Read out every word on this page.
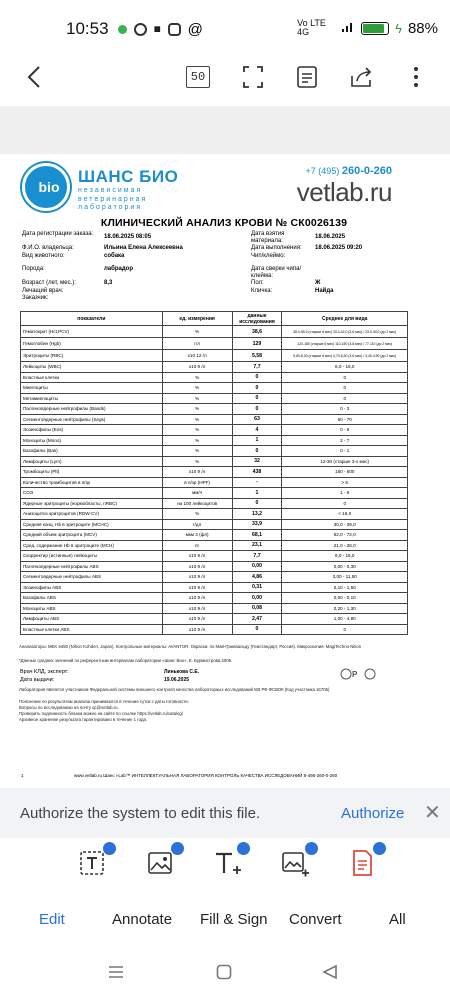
10:53	▦ @	Vo LTE 4G	ϟ 88%
50
bio
ШАНС БИО
независимая
ветеринарная
лаборатория
+7 (495) 260-0-260
vetlab.ru
КЛИНИЧЕСКИЙ АНАЛИЗ КРОВИ № СК0026139
Дата регистрации заказа:	18.06.2025 08:05
Ф.И.О. владельца:	Ильина Елена Алексеевна
Вид животного:	собака
Порода:	лабрадор
Возраст (лет, мес.):	8,3
Лечащий врач:
Заказчик:
Дата взятия материала:
18.06.2025
Дата выполнения:	18.06.2025 09:20
Чип/клеймо:
Дата сверки чипа/клейма:
Пол:	Ж
Кличка:	Найда
показатели	ед. измерения	данные исследования	Среднее для вида
Гематокрит (Hct,PCV)	%	38,6	38,0-55,0 (старше 6 мес) 33,0-42,0 (3-6 мес) / 23,0-34,0 (до 2 мес)
Гемоглобин (Hgb)	г/л	129	120-180 (старше 6 мес) 110-150 (3-6 мес) / 77-110 (до 2 мес)
Эритроциты (RBC)	x10 12 /л	5,58	5,60-8,00 (старше 6 мес) 4,70-6,30 (3-6 мес) / 3,40-4,90 (до 2 мес)
Лейкоциты (WBC)	x10 9 /л	7,7	6,0 - 16,0
Бластные клетки	%	0	0
Миелоциты	%	0	0
Метамиелоциты	%	0	0
Палочкоядерные нейтрофилы (Bands)	%	0	0 - 3
Сегментоядерные нейтрофилы (Segs)	%	63	60 - 70
Эозинофилы (Eos)	%	4	0 - 5
Моноциты (Mono)	%	1	2 - 7
Базофилы (Bas)	%	0	0 - 1
Лимфоциты (Lym)	%	32	12-30 (старше 3-х мес)
Тромбоциты (Plt)	x10 9 /л	438	160 - 500
Количество тромбоцитов в п/зр	в п/зр (HPF)	-	> 5
СОЭ	мм/ч	1	1 - 6
Ядерные эритроциты (нормобласты, nRBC)	на 100 лейкоцитов	0	0
Анизоцитоз эритроцитов (RDW-CV)	%	13,2	< 16,0
Средняя конц. Hb в эритроците (MCHC)	г/дл	33,9	30,0 - 39,0
Средний объем эритроцита (MCV)	мкм 3 (фл)	68,1	62,0 - 72,0
Сред. содержание Hb в эритроците (MCH)	пг	23,1	21,0 - 26,0
Скорректир (истинные) лейкоциты	x10 9 /л	7,7	6,0 - 16,0
Палочкоядерные нейтрофилы ABS	x10 9 /л	0,00	0,00 - 0,30
Сегментоядерные нейтрофилы ABS	x10 9 /л	4,86	3,00 - 11,50
Эозинофилы ABS	x10 9 /л	0,31	0,10 - 1,50
Базофилы ABS	x10 9 /л	0,00	0,00 - 0,10
Моноциты ABS	x10 9 /л	0,08	0,20 - 1,30
Лимфоциты ABS	x10 9 /л	2,47	1,00 - 4,80
Бластные клетки ABS	x10 9 /л	0	0
Анализаторы: MEK 6450 (Nihon Kohden, Japan). Контрольные материалы: AVANTOR. Окраска: по Май-Грюнвальду (Гемстандарт, Россия). Микроскопия: MagiTechno Nikon
*Данные средних значений по референтным интервалам лаборатории «Шанс Био», Е. Бурмистрова,2009.
Врач КЛД, эксперт:	Линькова С.Е.
Дата выдачи:	19.06.2025
P
Лаборатория является участником Федеральной системы внешнего контроля качества лабораторных исследований МЗ РФ ФСВОК (Код участника 16705)
Пояснение по результатам анализа принимаются в течение суток с даты готовности.
Вопросы по исследованию на почту qc@vetlab.ru.
Проверить подлинность бланка можно на сайте по ссылке https://vetlab.ru/catalog/
Архивное хранение результата гарантировано в течение 1 года.
1	www.vetlab.ru Шанс i-Lab™ ИНТЕЛЛЕКТУАЛЬНАЯ ЛАБОРАТОРИЯ КОНТРОЛЬ КАЧЕСТВА ИССЛЕДОВАНИЙ 8-495-260-0-260
Authorize the system to edit this file.	Authorize ✕
Edit	Annotate Fill & Sign Convert	All
